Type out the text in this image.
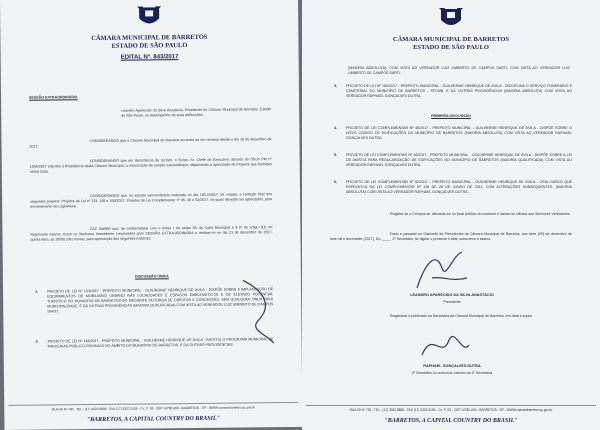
CÂMARA MUNICIPAL DE BARRETOS
ESTADO DE SÃO PAULO
EDITAL Nº. 843/2017
SESSÃO EXTRAORDINÁRIA
Leandro Aparecido da Silva Anastácio, Presidente da Câmara Municipal de Barretos, Estado de São Paulo, no desempenho de suas atribuições,
CONSIDERANDO que a Câmara Municipal de Barretos encontra-se em recesso desde o dia 16 de dezembro de 2017;
CONSIDERANDO que em decorrência de tal fato, o Exmo. Sr. Chefe do Executivo, através do Ofício PM nº 1095/2017 solicitou à Presidência desta Câmara Municipal, a convocação de sessão extraordinária, objetivando a apreciação de Projetos que tramitam nesta Casa.
CONSIDERANDO que na sessão extraordinária realizada no dia 18/12/2017, foi votada, a redação final dos seguintes projetos: Projetos de Lei nº 133, 148 e 160/2017, Projetos de Lei Complementar nº 45, 46 e 52/2017, os quais deverão ser apreciados, para encerramento da Legislatura.
FAZ SABER que, de conformidade com o inciso I, do artigo 28, da Carta Municipal e § 5º do artigo 118, do Regimento Interno, ficam os Senhores Vereadores convocados para SESSÃO EXTRAORDINÁRIA a realizar-se no dia 21 de dezembro de 2017, quinta-feira, às 10h00 (dez horas), para apreciação das seguintes matérias:
DISCUSSÃO ÚNICA
1. PROJETO DE LEI Nº 133/2017 - PREFEITO MUNICIPAL - GUILHERME HENRIQUE DE ÁVILA - DISPÕE SOBRE A IMPLANTAÇÃO DE EQUIPAMENTOS DE MOBILIÁRIO URBANO NAS LOCALIDADES E ESPAÇOS EMBLEMÁTICOS E DE ELEVADO POTENCIAL TURÍSTICO DO MUNICÍPIO DE BARRETOS-SP, MEDIANTE OUTORGA DE DIREITOS E CONCESSÃO, SEM QUALQUER ÔNUS PARA MUNICIPALIDADE, E DÁ OUTRAS PROVIDÊNCIAS (MAIORIA QUALIFICADA) COM VISTA AO VEREADOR LUIZ UMBERTO DE CAMPOS SARTI.
2. PROJETO DE LEI Nº 148/2017 - PREFEITO MUNICIPAL - GUILHERME HENRIQUE DE ÁVILA - INSTITUI O PROGRAMA MUNICIPAL DE PARCERIAS PÚBLICO-PRIVADAS NO ÂMBITO DO MUNICÍPIO DE BARRETOS, E DÁ OUTRAS PROVIDÊNCIAS
RUA 30 Nº 730 - TEL.: (17) 3322.8808 - FAX (17) 3322.9159 - Cx. P. 53 - CEP 14780-000 - BARRETOS - SP - WWW.camarabarretos.sp.gov.br
"BARRETOS, A CAPITAL COUNTRY DO BRASIL"
CÂMARA MUNICIPAL DE BARRETOS
ESTADO DE SÃO PAULO
(MAIORIA ABSOLUTA), COM VISTA AO VEREADOR LUIZ UMBERTO DE CAMPOS SARTI, COM VISTA AO VEREADOR LUIZ UMBERTO DE CAMPOS SARTI.
3.	PROJETO DE LEI Nº 160/2017 - PREFEITO MUNICIPAL - GUILHERME HENRIQUE DE ÁVILA - DISCIPLINA O SERVIÇO FUNERÁRIO E CEMITERIAL DO MUNICÍPIO DE BARRETOS - SFCMB, E DÁ OUTRAS PROVIDÊNCIAS (MAIORIA ABSOLUTA) COM VISTA AO VEREADOR RAPHAEL GONÇALVES DUTRA.
PRIMEIRA DISCUSSÃO
4.	PROJETO DE LEI COMPLEMENTAR Nº 45/2017 - PREFEITO MUNICIPAL - GUILHERME HENRIQUE DE ÁVILA - DISPÕE SOBRE O NOVO CÓDIGO DE EDIFICAÇÕES DO MUNICÍPIO DE BARRETOS (MAIORIA ABSOLUTA) COM VISTA AO VEREADOR RAPHAEL GONÇALVES DUTRA.
5.	PROJETO DE LEI COMPLEMENTAR Nº 46/2017 - PREFEITO MUNICIPAL - GUILHERME HENRIQUE DE ÁVILA - DISPÕE SOBRE A LEI DE ANISTIA PARA REGULARIZAÇÃO DE EDIFICAÇÕES NO MUNICÍPIO DE BARRETOS (MAIORIA QUALIFICADA) COM VISTA AO VEREADOR RAPHAEL GONÇALVES DUTRA.
6.	PROJETO DE LEI COMPLEMENTAR Nº 52/2017 - PREFEITO MUNICIPAL - GUILHERME HENRIQUE DE ÁVILA - CRIA CARGO QUE ESPECIFICA NA LEI COMPLEMENTAR Nº 136 DE 28 DE JUNHO DE 2011, COM ALTERAÇÕES SUBSEQUENTES, (MAIORIA ABSOLUTA) COM VISTA AO VEREADOR RAPHAEL GONÇALVES DUTRA.
Registre-se e Cumpra-se, afixando-se no local público do costume e dando-se ciência aos Senhores Vereadores.
Dado e passado no Gabinete da Presidência da Câmara Municipal de Barretos, aos vinte (20) de dezembro de dois mil e dezessete (2017). Eu, ____, 2º Secretário, fiz digitar o presente Edital, subscrevo e assino.
LEANDRO APARECIDO DA SILVA ANASTÁCIO
Presidente
Registrado e publicado na Secretaria da Câmara Municipal de Barretos, em data a supra.
RAPHAEL GONÇALVES DUTRA
2º Secretário no exercício interino da 1º Secretaria
RUA 30 Nº 730 - TEL.: (17) 3322.8808 - FAX (17) 3322.9159 - Cx. P. 53 - CEP 14780-000 - BARRETOS - SP - WWW.camarabarretos.sp.gov.br
"BARRETOS, A CAPITAL COUNTRY DO BRASIL"
